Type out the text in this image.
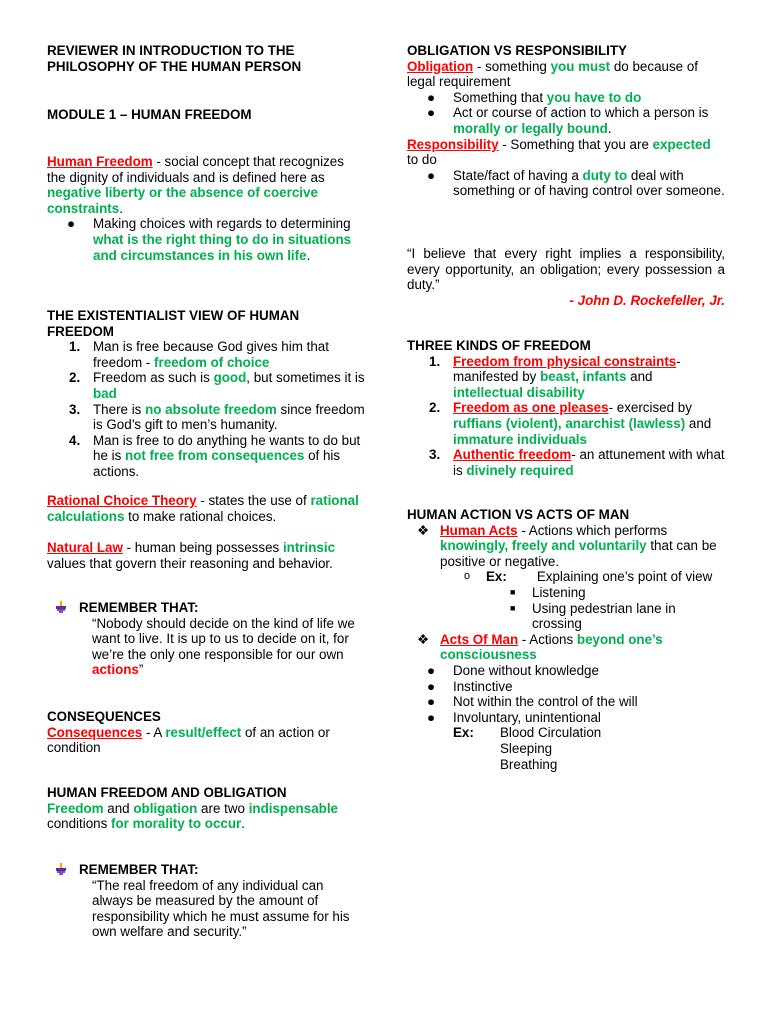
REVIEWER IN INTRODUCTION TO THE
PHILOSOPHY OF THE HUMAN PERSON
MODULE 1 – HUMAN FREEDOM
Human Freedom - social concept that recognizes the dignity of individuals and is defined here as negative liberty or the absence of coercive constraints.
● Making choices with regards to determining what is the right thing to do in situations and circumstances in his own life.
THE EXISTENTIALIST VIEW OF HUMAN FREEDOM
1. Man is free because God gives him that freedom - freedom of choice
2. Freedom as such is good, but sometimes it is bad
3. There is no absolute freedom since freedom is God’s gift to men’s humanity.
4. Man is free to do anything he wants to do but he is not free from consequences of his actions.
Rational Choice Theory - states the use of rational calculations to make rational choices.
Natural Law - human being possesses intrinsic values that govern their reasoning and behavior.
REMEMBER THAT:
“Nobody should decide on the kind of life we want to live. It is up to us to decide on it, for we’re the only one responsible for our own actions”
CONSEQUENCES
Consequences - A result/effect of an action or condition
HUMAN FREEDOM AND OBLIGATION
Freedom and obligation are two indispensable conditions for morality to occur.
REMEMBER THAT:
“The real freedom of any individual can always be measured by the amount of responsibility which he must assume for his own welfare and security.”
OBLIGATION VS RESPONSIBILITY
Obligation - something you must do because of legal requirement
● Something that you have to do
● Act or course of action to which a person is morally or legally bound.
Responsibility - Something that you are expected to do
● State/fact of having a duty to deal with something or of having control over someone.
“I believe that every right implies a responsibility, every opportunity, an obligation; every possession a duty.”
- John D. Rockefeller, Jr.
THREE KINDS OF FREEDOM
1. Freedom from physical constraints- manifested by beast, infants and intellectual disability
2. Freedom as one pleases- exercised by ruffians (violent), anarchist (lawless) and immature individuals
3. Authentic freedom- an attunement with what is divinely required
HUMAN ACTION VS ACTS OF MAN
❖ Human Acts - Actions which performs knowingly, freely and voluntarily that can be positive or negative.
o Ex: Explaining one’s point of view
■ Listening
■ Using pedestrian lane in crossing
❖ Acts Of Man - Actions beyond one’s consciousness
● Done without knowledge
● Instinctive
● Not within the control of the will
● Involuntary, unintentional
Ex: Blood Circulation
Sleeping
Breathing
